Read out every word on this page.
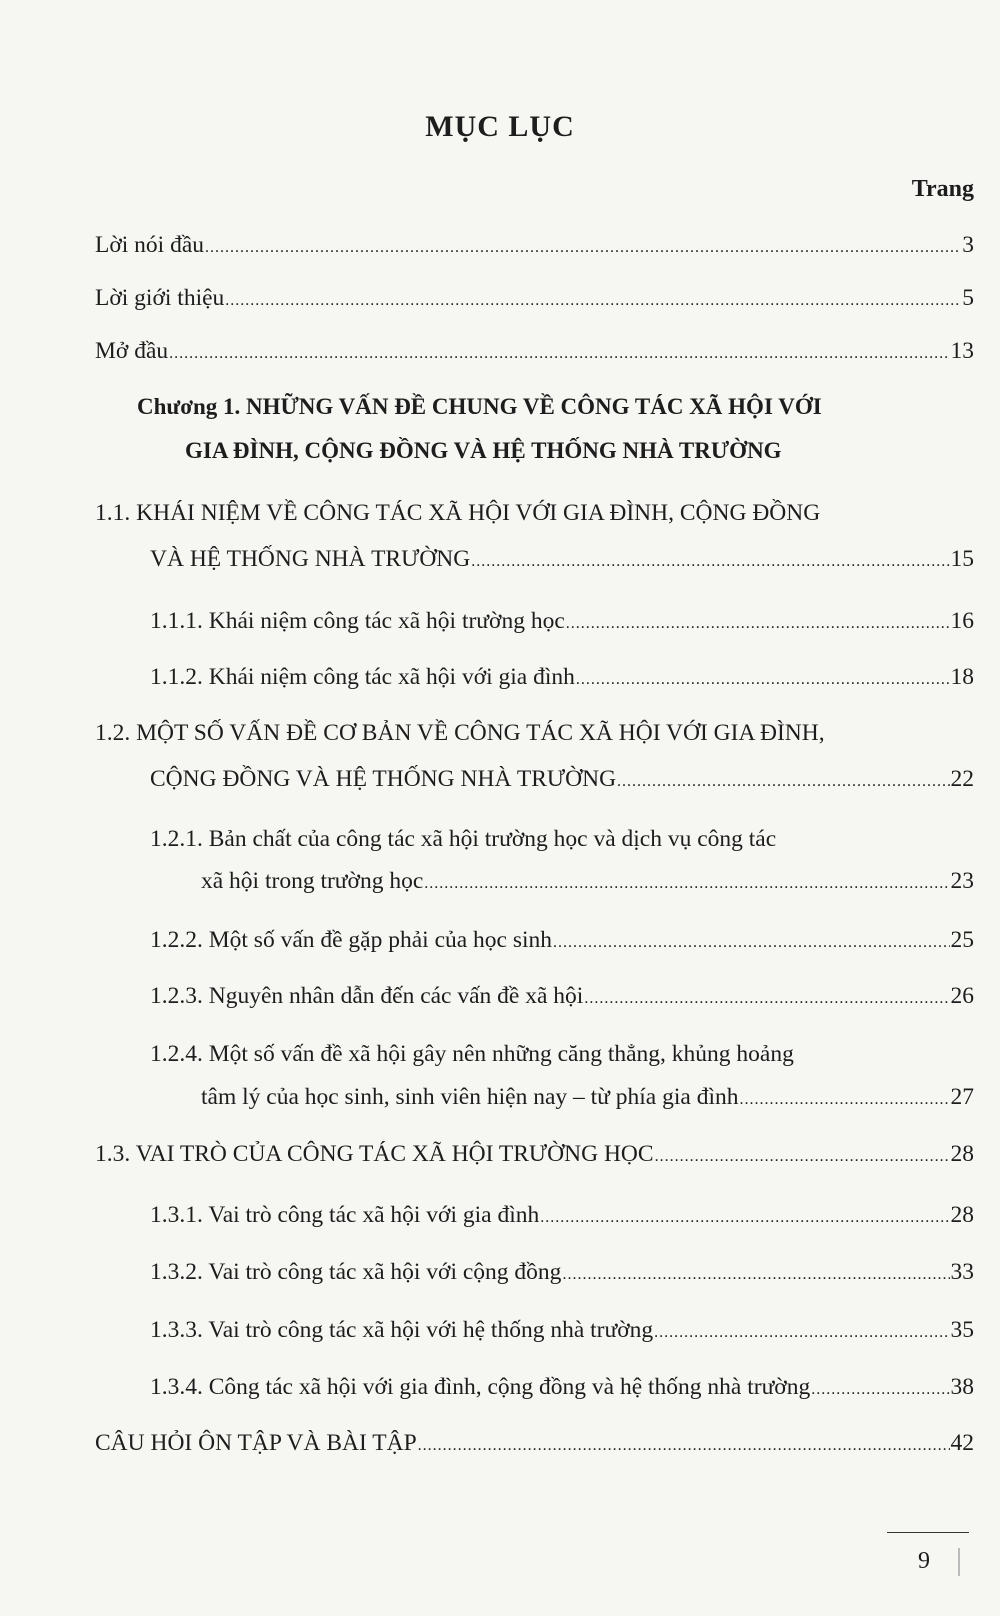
MỤC LỤC
Trang
Lời nói đầu .....	3
Lời giới thiệu .....	5
Mở đầu .....	13
Chương 1. NHỮNG VẤN ĐỀ CHUNG VỀ CÔNG TÁC XÃ HỘI VỚI
GIA ĐÌNH, CỘNG ĐỒNG VÀ HỆ THỐNG NHÀ TRƯỜNG
1.1. KHÁI NIỆM VỀ CÔNG TÁC XÃ HỘI VỚI GIA ĐÌNH, CỘNG ĐỒNG
VÀ HỆ THỐNG NHÀ TRƯỜNG .....	15
1.1.1. Khái niệm công tác xã hội trường học .....	16
1.1.2. Khái niệm công tác xã hội với gia đình .....	18
1.2. MỘT SỐ VẤN ĐỀ CƠ BẢN VỀ CÔNG TÁC XÃ HỘI VỚI GIA ĐÌNH,
CỘNG ĐỒNG VÀ HỆ THỐNG NHÀ TRƯỜNG .....	22
1.2.1. Bản chất của công tác xã hội trường học và dịch vụ công tác
xã hội trong trường học .....	23
1.2.2. Một số vấn đề gặp phải của học sinh .....	25
1.2.3. Nguyên nhân dẫn đến các vấn đề xã hội .....	26
1.2.4. Một số vấn đề xã hội gây nên những căng thẳng, khủng hoảng
tâm lý của học sinh, sinh viên hiện nay – từ phía gia đình .....	27
1.3. VAI TRÒ CỦA CÔNG TÁC XÃ HỘI TRƯỜNG HỌC .....	28
1.3.1. Vai trò công tác xã hội với gia đình .....	28
1.3.2. Vai trò công tác xã hội với cộng đồng .....	33
1.3.3. Vai trò công tác xã hội với hệ thống nhà trường .....	35
1.3.4. Công tác xã hội với gia đình, cộng đồng và hệ thống nhà trường .....	38
CÂU HỎI ÔN TẬP VÀ BÀI TẬP .....	42
9
